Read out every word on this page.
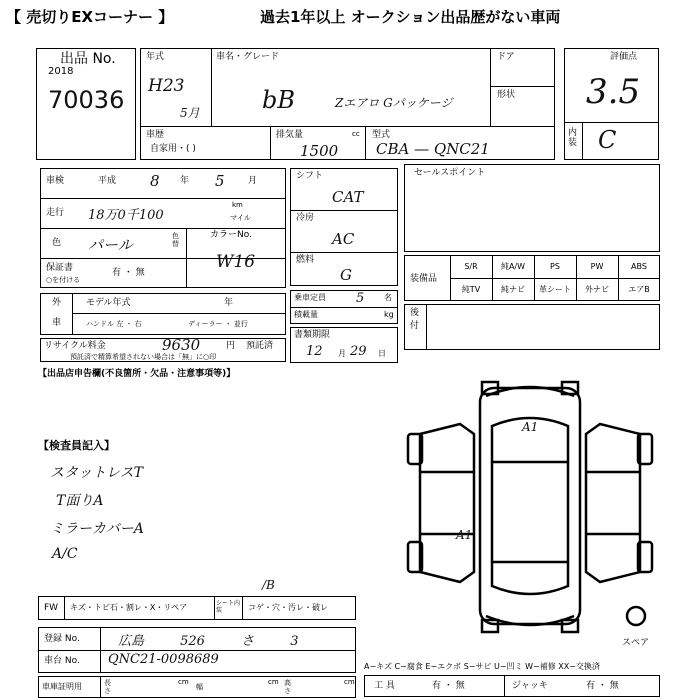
【 売切りEXコーナー 】	過去1年以上 オークション出品歴がない車両
出品 No.
2018
70036
年式
H23
5月
車名・グレード
bB	Zエアロ Gパッケージ
ドア
形状
車歴
自家用・( )
排気量	cc
1500
型式
CBA — QNC21
評価点
3.5
内装 C
車検	平成 8 年 5	月
走行 18万0千100
km
マイル
色 パール	色替
カラーNo.
W16
保証書
○を付ける
有 ・ 無
外
車
モデル年式	年
ハンドル 左 ・ 右	ディーラー ・ 並行
リサイクル料金	9630	円 預託済
預託済で精算希望されない場合は「無」に○印
シフト
CAT
冷房
AC
燃料
G
乗車定員 5 名
積載量	kg
書類期限
12 月 29 日
セールスポイント
装備品
後付
【出品店申告欄(不良箇所・欠品・注意事項等)】
【検査員記入】
スタットレスT
T面りA
ミラーカバーA
A/C
FW キズ・トビ石・割レ・X・リペア	シート内装	コゲ・穴・汚レ・破レ
/B
登録 No.	広島 526 さ 3
車台 No. QNC21-0098689
車庫証明用	長さ
cm
幅
cm 高さ
cm
A1
A1
スペア
A−キズ C−腐食 E−エクボ S−サビ U−凹ミ W−補修 XX−交換済
工 具	有 ・ 無	ジャッキ	有 ・ 無
S/R	純A/W	PS	PW	ABS
純TV	純ナビ	革シート	外ナビ	エアB
